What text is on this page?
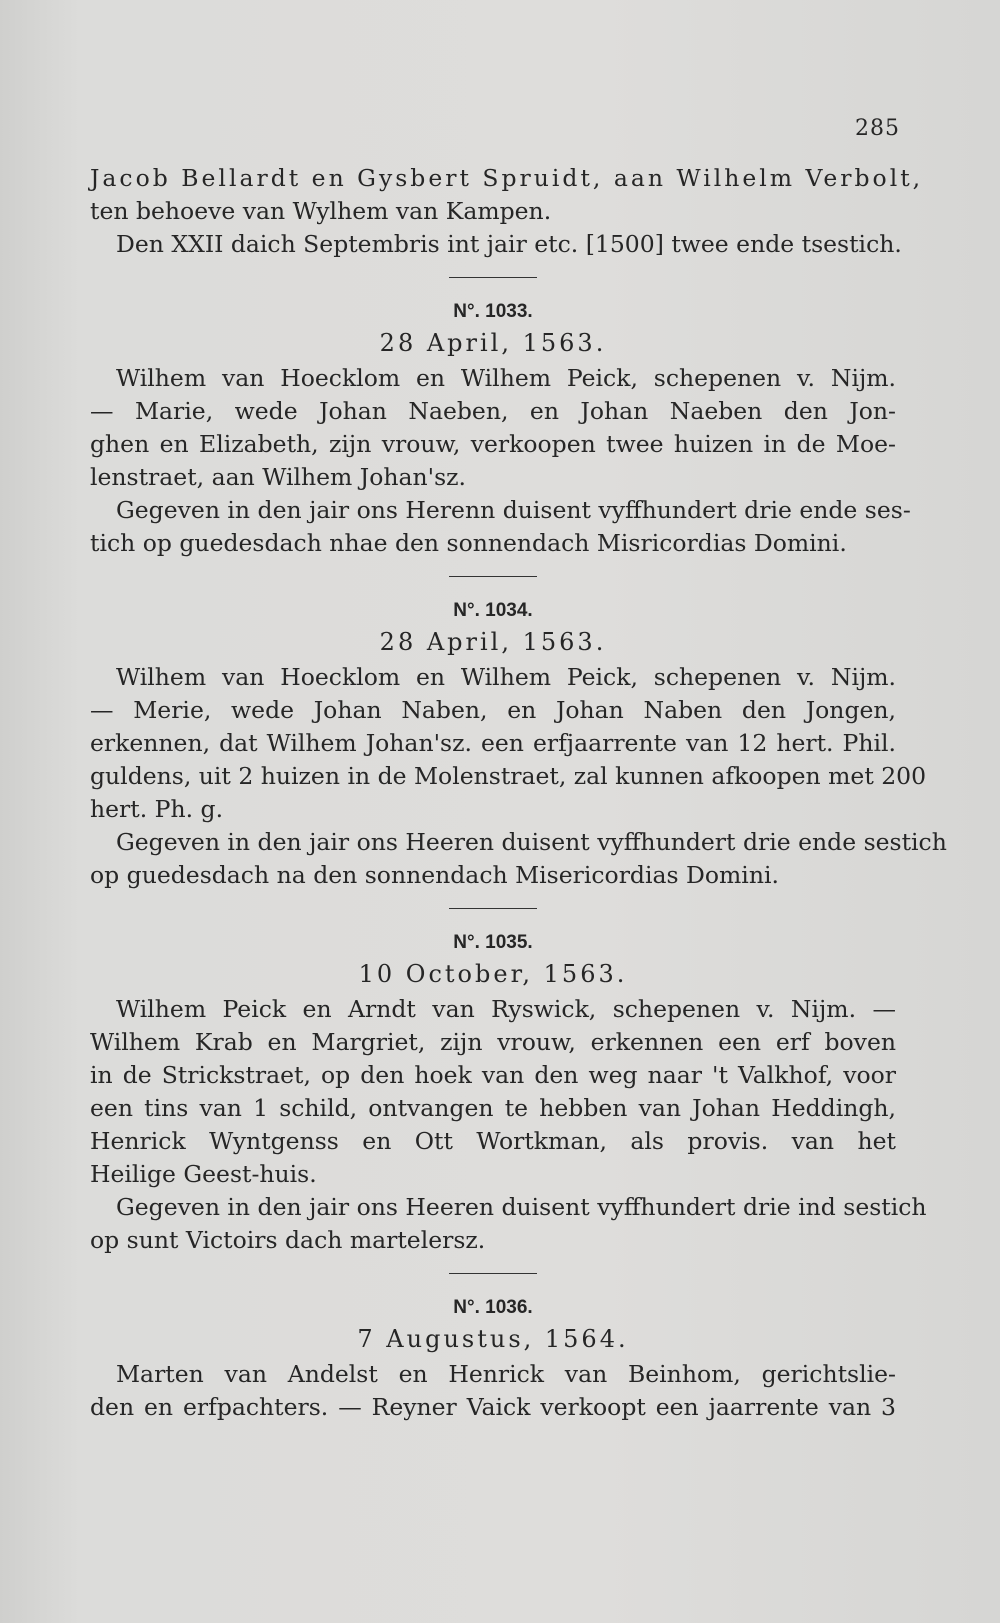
285
Jacob Bellardt en Gysbert Spruidt, aan Wilhelm Verbolt,
ten behoeve van Wylhem van Kampen.
Den XXII daich Septembris int jair etc. [1500] twee ende tsestich.
N°. 1033.
28 April, 1563.
Wilhem van Hoecklom en Wilhem Peick, schepenen v. Nijm.
— Marie, wede Johan Naeben, en Johan Naeben den Jon-
ghen en Elizabeth, zijn vrouw, verkoopen twee huizen in de Moe-
lenstraet, aan Wilhem Johan'sz.
Gegeven in den jair ons Herenn duisent vyffhundert drie ende ses-
tich op guedesdach nhae den sonnendach Misricordias Domini.
N°. 1034.
28 April, 1563.
Wilhem van Hoecklom en Wilhem Peick, schepenen v. Nijm.
— Merie, wede Johan Naben, en Johan Naben den Jongen,
erkennen, dat Wilhem Johan'sz. een erfjaarrente van 12 hert. Phil.
guldens, uit 2 huizen in de Molenstraet, zal kunnen afkoopen met 200
hert. Ph. g.
Gegeven in den jair ons Heeren duisent vyffhundert drie ende sestich
op guedesdach na den sonnendach Misericordias Domini.
N°. 1035.
10 October, 1563.
Wilhem Peick en Arndt van Ryswick, schepenen v. Nijm. —
Wilhem Krab en Margriet, zijn vrouw, erkennen een erf boven
in de Strickstraet, op den hoek van den weg naar 't Valkhof, voor
een tins van 1 schild, ontvangen te hebben van Johan Heddingh,
Henrick Wyntgenss en Ott Wortkman, als provis. van het
Heilige Geest-huis.
Gegeven in den jair ons Heeren duisent vyffhundert drie ind sestich
op sunt Victoirs dach martelersz.
N°. 1036.
7 Augustus, 1564.
Marten van Andelst en Henrick van Beinhom, gerichtslie-
den en erfpachters. — Reyner Vaick verkoopt een jaarrente van 3
